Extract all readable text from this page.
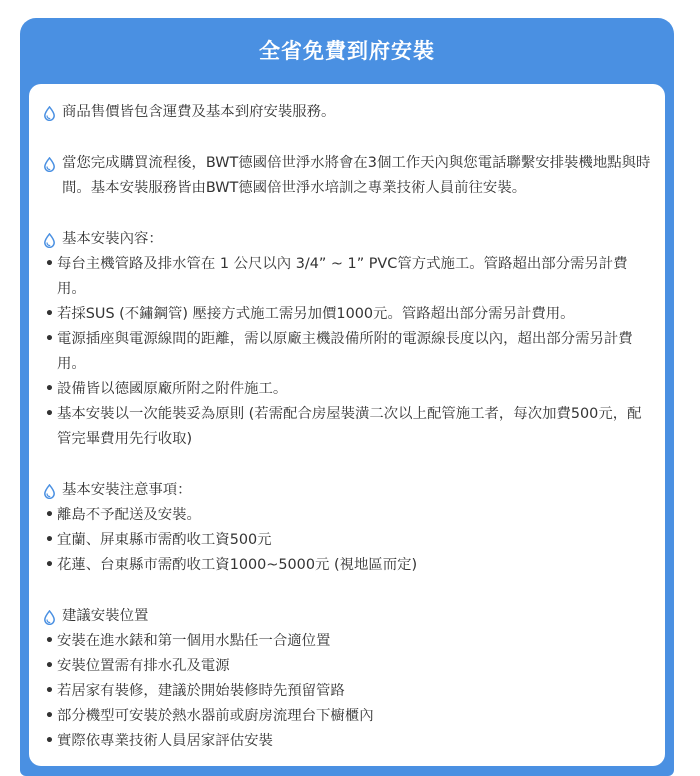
全省免費到府安裝
商品售價皆包含運費及基本到府安裝服務。
當您完成購買流程後，BWT德國倍世淨水將會在3個工作天內與您電話聯繫安排裝機地點與時間。基本安裝服務皆由BWT德國倍世淨水培訓之專業技術人員前往安裝。
基本安裝內容：
• 每台主機管路及排水管在 1 公尺以內 3/4” ~ 1” PVC管方式施工。管路超出部分需另計費用。
• 若採SUS (不鏽鋼管) 壓接方式施工需另加價1000元。管路超出部分需另計費用。
• 電源插座與電源線間的距離，需以原廠主機設備所附的電源線長度以內，超出部分需另計費用。
• 設備皆以德國原廠所附之附件施工。
• 基本安裝以一次能裝妥為原則 (若需配合房屋裝潢二次以上配管施工者，每次加費500元，配管完畢費用先行收取)
基本安裝注意事項：
• 離島不予配送及安裝。
• 宜蘭、屏東縣市需酌收工資500元
• 花蓮、台東縣市需酌收工資1000~5000元 (視地區而定)
建議安裝位置
• 安裝在進水錶和第一個用水點任一合適位置
• 安裝位置需有排水孔及電源
• 若居家有裝修，建議於開始裝修時先預留管路
• 部分機型可安裝於熱水器前或廚房流理台下櫥櫃內
• 實際依專業技術人員居家評估安裝
